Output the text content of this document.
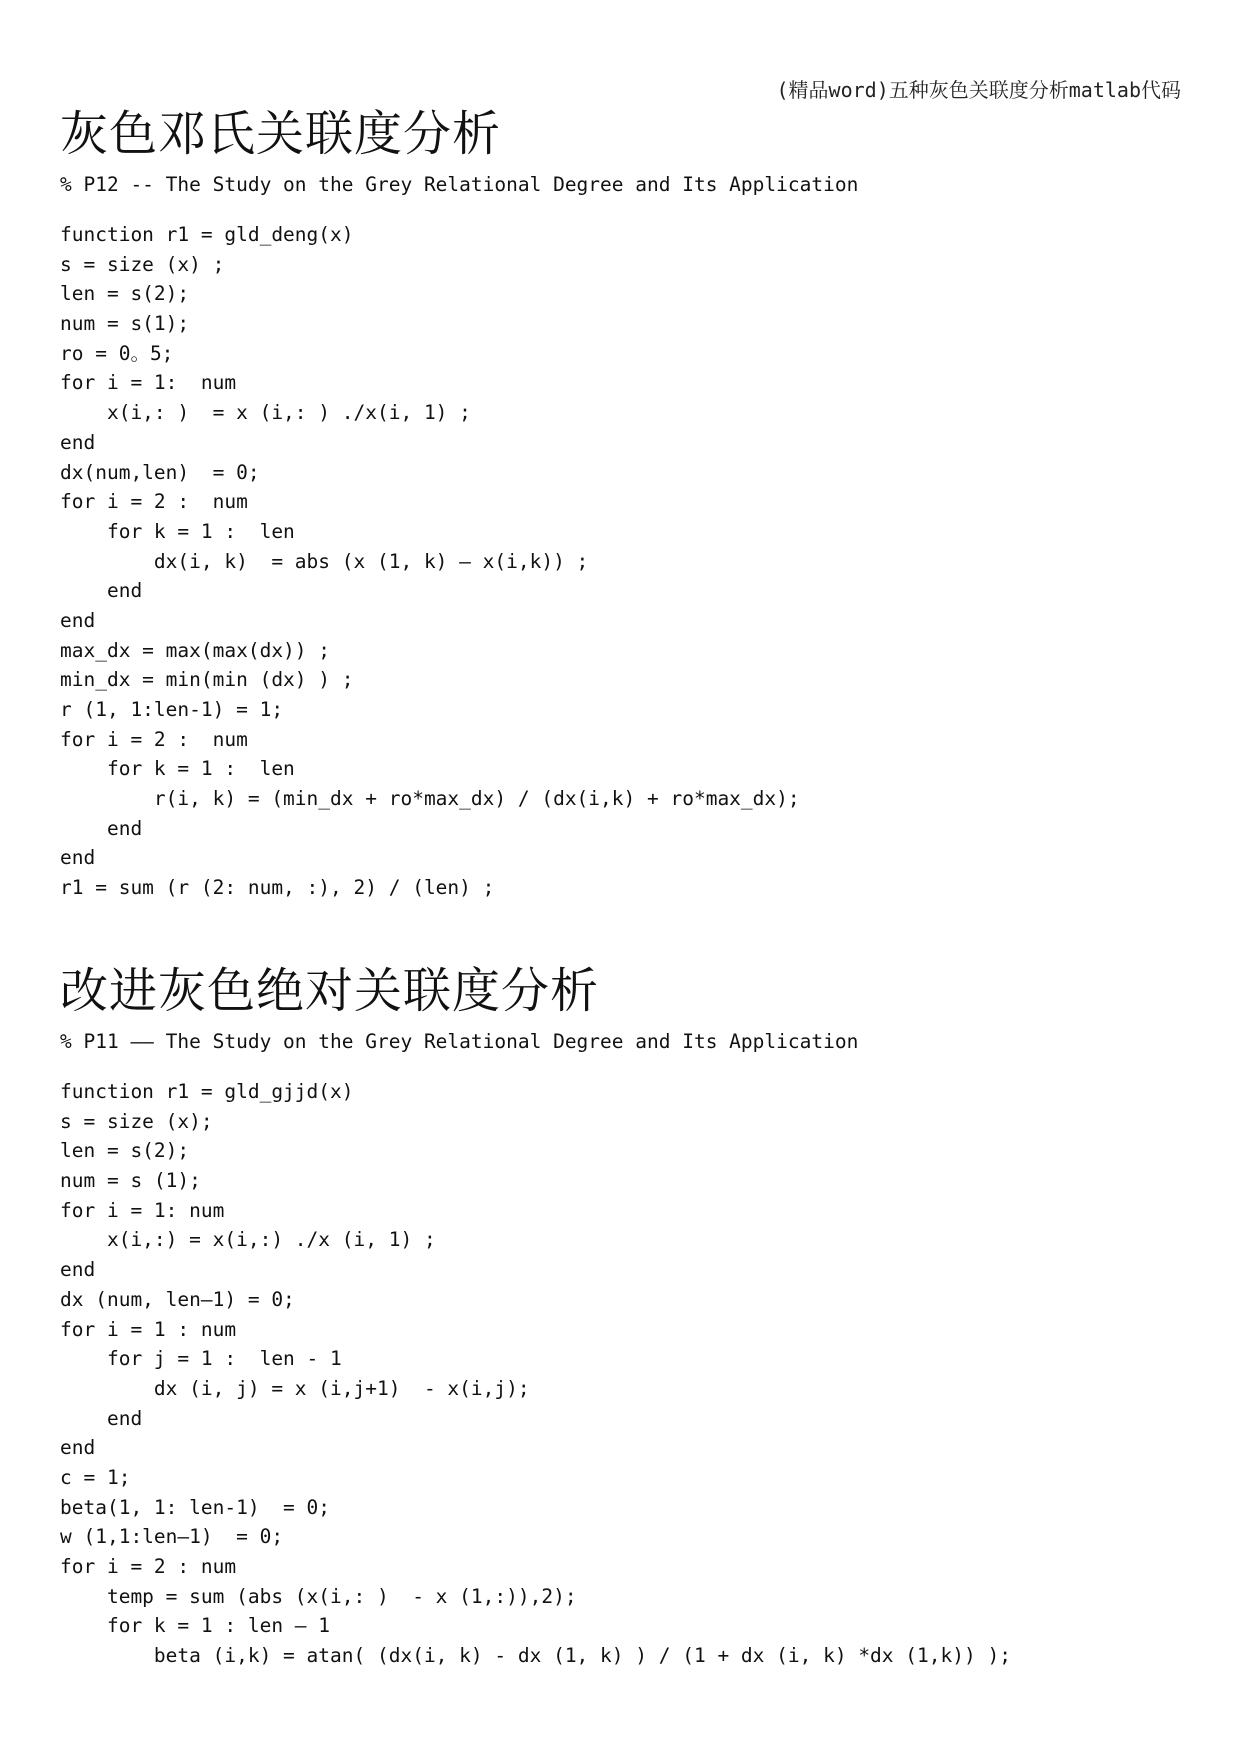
(精品word)五种灰色关联度分析matlab代码
灰色邓氏关联度分析
% P12 -- The Study on the Grey Relational Degree and Its Application
function r1 = gld_deng(x)
s = size (x) ;
len = s(2);
num = s(1);
ro = 0。5;
for i = 1:  num
x(i,: )  = x (i,: ) ./x(i, 1) ;
end
dx(num,len)  = 0;
for i = 2 :  num
for k = 1 :  len
dx(i, k)  = abs (x (1, k) — x(i,k)) ;
end
end
max_dx = max(max(dx)) ;
min_dx = min(min (dx) ) ;
r (1, 1:len-1) = 1;
for i = 2 :  num
for k = 1 :  len
r(i, k) = (min_dx + ro*max_dx) / (dx(i,k) + ro*max_dx);
end
end
r1 = sum (r (2: num, :), 2) / (len) ;
改进灰色绝对关联度分析
% P11 —— The Study on the Grey Relational Degree and Its Application
function r1 = gld_gjjd(x)
s = size (x);
len = s(2);
num = s (1);
for i = 1: num
x(i,:) = x(i,:) ./x (i, 1) ;
end
dx (num, len—1) = 0;
for i = 1 : num
for j = 1 :  len - 1
dx (i, j) = x (i,j+1)  - x(i,j);
end
end
c = 1;
beta(1, 1: len-1)  = 0;
w (1,1:len—1)  = 0;
for i = 2 : num
temp = sum (abs (x(i,: )  - x (1,:)),2);
for k = 1 : len — 1
beta (i,k) = atan( (dx(i, k) - dx (1, k) ) / (1 + dx (i, k) *dx (1,k)) );
